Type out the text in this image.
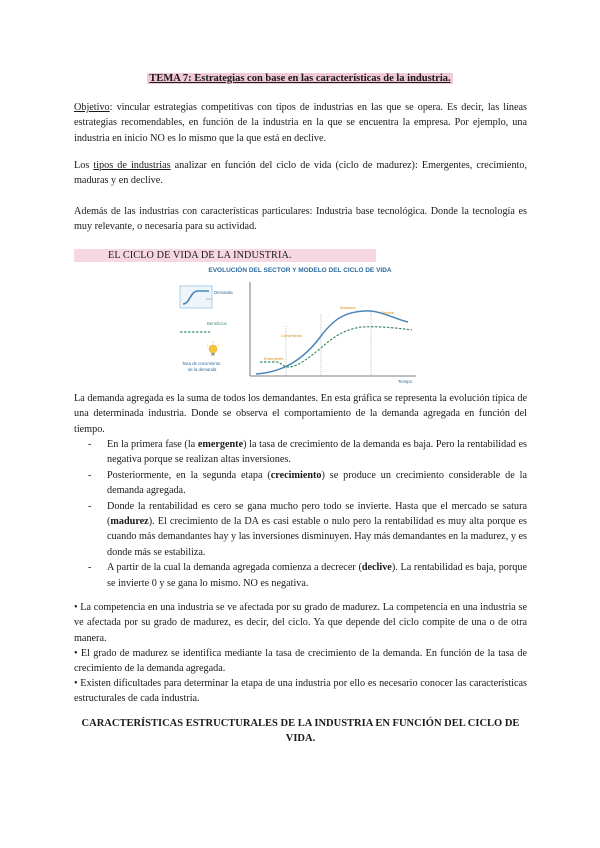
TEMA 7: Estrategias con base en las características de la industria.

Objetivo: vincular estrategias competitivas con tipos de industrias en las que se opera. Es decir, las líneas estrategias recomendables, en función de la industria en la que se encuentra la empresa. Por ejemplo, una industria en inicio NO es lo mismo que la que está en declive.

Los tipos de industrias analizar en función del ciclo de vida (ciclo de madurez): Emergentes, crecimiento, maduras y en declive.

Además de las industrias con características particulares: Industria base tecnológica. Donde la tecnología es muy relevante, o necesaria para su actividad.

EL CICLO DE VIDA DE LA INDUSTRIA.
EVOLUCIÓN DEL SECTOR Y MODELO DEL CICLO DE VIDA
Demanda
Beneficios
Tasa de crecimiento
de la demanda
Tiempo
Emergente
Crecimiento
Madurez
Declive

La demanda agregada es la suma de todos los demandantes. En esta gráfica se representa la evolución típica de una determinada industria. Donde se observa el comportamiento de la demanda agregada en función del tiempo.

- En la primera fase (la emergente) la tasa de crecimiento de la demanda es baja. Pero la rentabilidad es negativa porque se realizan altas inversiones.
- Posteriormente, en la segunda etapa (crecimiento) se produce un crecimiento considerable de la demanda agregada.
- Donde la rentabilidad es cero se gana mucho pero todo se invierte. Hasta que el mercado se satura (madurez). El crecimiento de la DA es casi estable o nulo pero la rentabilidad es muy alta porque es cuando más demandantes hay y las inversiones disminuyen. Hay más demandantes en la madurez, y es donde más se estabiliza.
- A partir de la cual la demanda agregada comienza a decrecer (declive). La rentabilidad es baja, porque se invierte 0 y se gana lo mismo. NO es negativa.

• La competencia en una industria se ve afectada por su grado de madurez. La competencia en una industria se ve afectada por su grado de madurez, es decir, del ciclo. Ya que depende del ciclo compite de una o de otra manera.

• El grado de madurez se identifica mediante la tasa de crecimiento de la demanda. En función de la tasa de crecimiento de la demanda agregada.

• Existen dificultades para determinar la etapa de una industria por ello es necesario conocer las características estructurales de cada industria.

CARACTERÍSTICAS ESTRUCTURALES DE LA INDUSTRIA EN FUNCIÓN DEL CICLO DE VIDA.
